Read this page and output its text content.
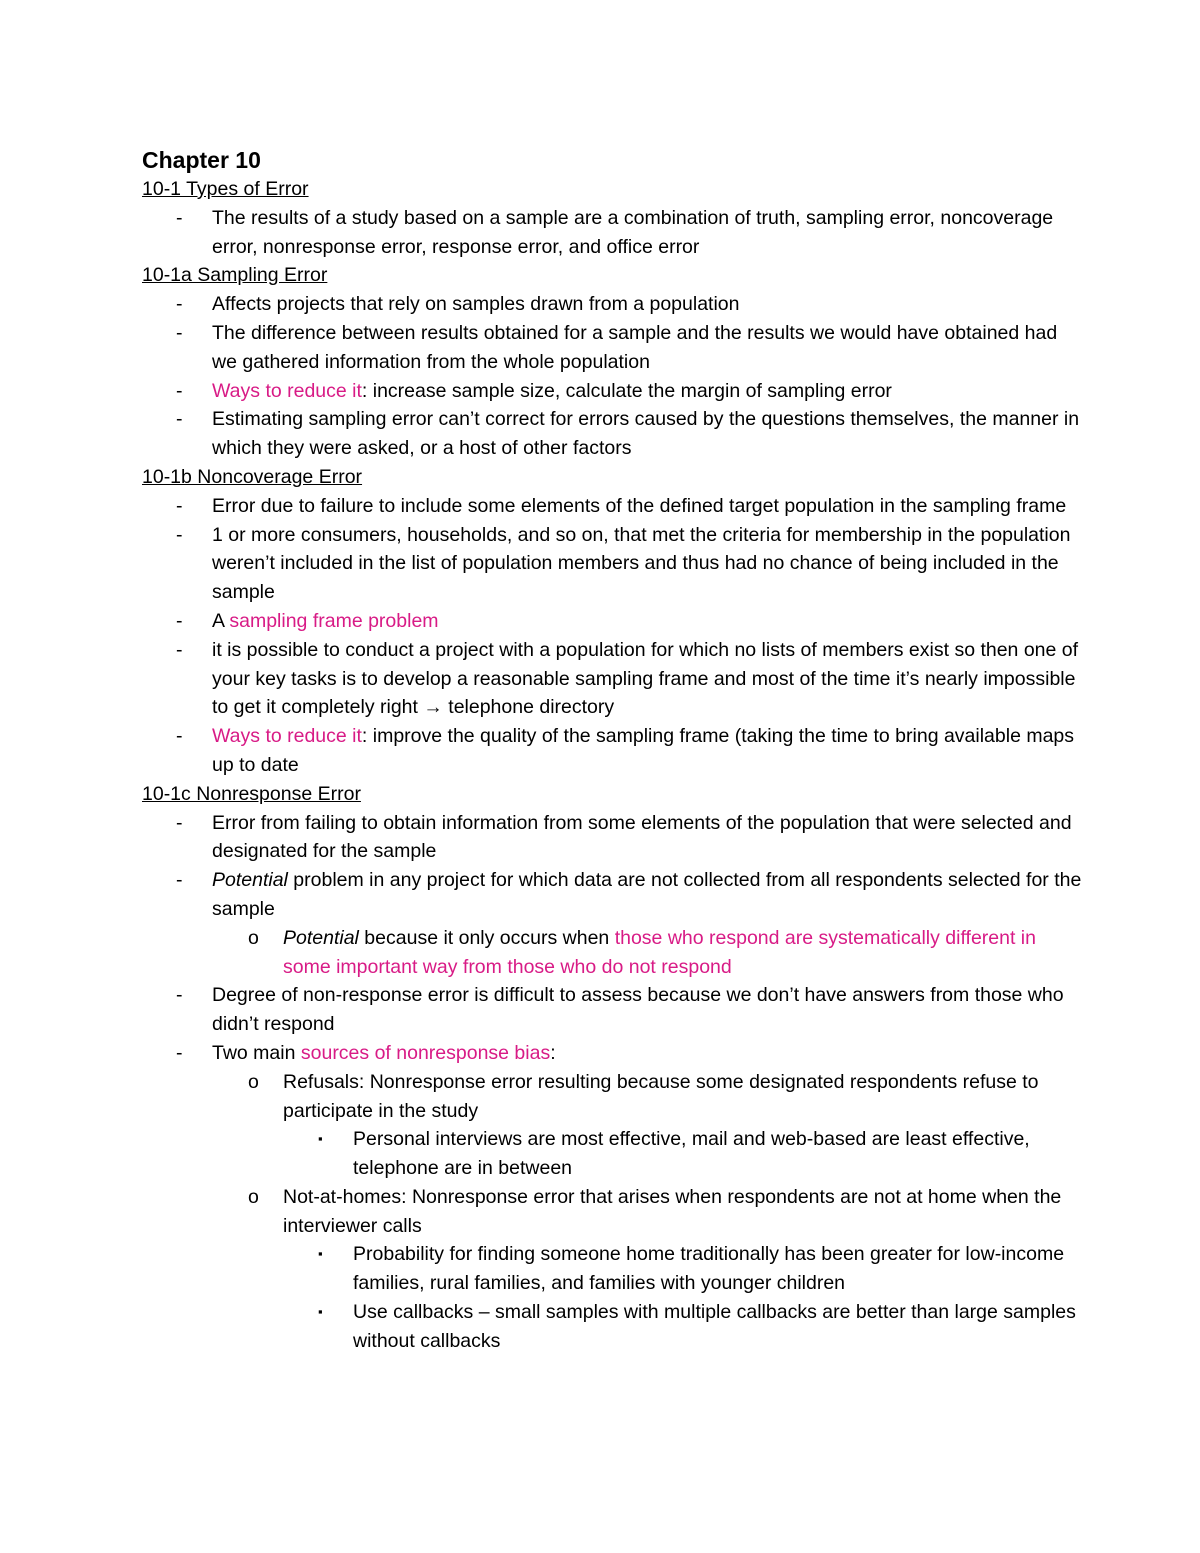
Chapter 10
10-1 Types of Error
- The results of a study based on a sample are a combination of truth, sampling error, noncoverage error, nonresponse error, response error, and office error
10-1a Sampling Error
- Affects projects that rely on samples drawn from a population
- The difference between results obtained for a sample and the results we would have obtained had we gathered information from the whole population
- Ways to reduce it: increase sample size, calculate the margin of sampling error
- Estimating sampling error can’t correct for errors caused by the questions themselves, the manner in which they were asked, or a host of other factors
10-1b Noncoverage Error
- Error due to failure to include some elements of the defined target population in the sampling frame
- 1 or more consumers, households, and so on, that met the criteria for membership in the population weren’t included in the list of population members and thus had no chance of being included in the sample
- A sampling frame problem
- it is possible to conduct a project with a population for which no lists of members exist so then one of your key tasks is to develop a reasonable sampling frame and most of the time it’s nearly impossible to get it completely right → telephone directory
- Ways to reduce it: improve the quality of the sampling frame (taking the time to bring available maps up to date
10-1c Nonresponse Error
- Error from failing to obtain information from some elements of the population that were selected and designated for the sample
- Potential problem in any project for which data are not collected from all respondents selected for the sample
o Potential because it only occurs when those who respond are systematically different in some important way from those who do not respond
- Degree of non-response error is difficult to assess because we don’t have answers from those who didn’t respond
- Two main sources of nonresponse bias:
o Refusals: Nonresponse error resulting because some designated respondents refuse to participate in the study
▪ Personal interviews are most effective, mail and web-based are least effective, telephone are in between
o Not-at-homes: Nonresponse error that arises when respondents are not at home when the interviewer calls
▪ Probability for finding someone home traditionally has been greater for low-income families, rural families, and families with younger children
▪ Use callbacks – small samples with multiple callbacks are better than large samples without callbacks
